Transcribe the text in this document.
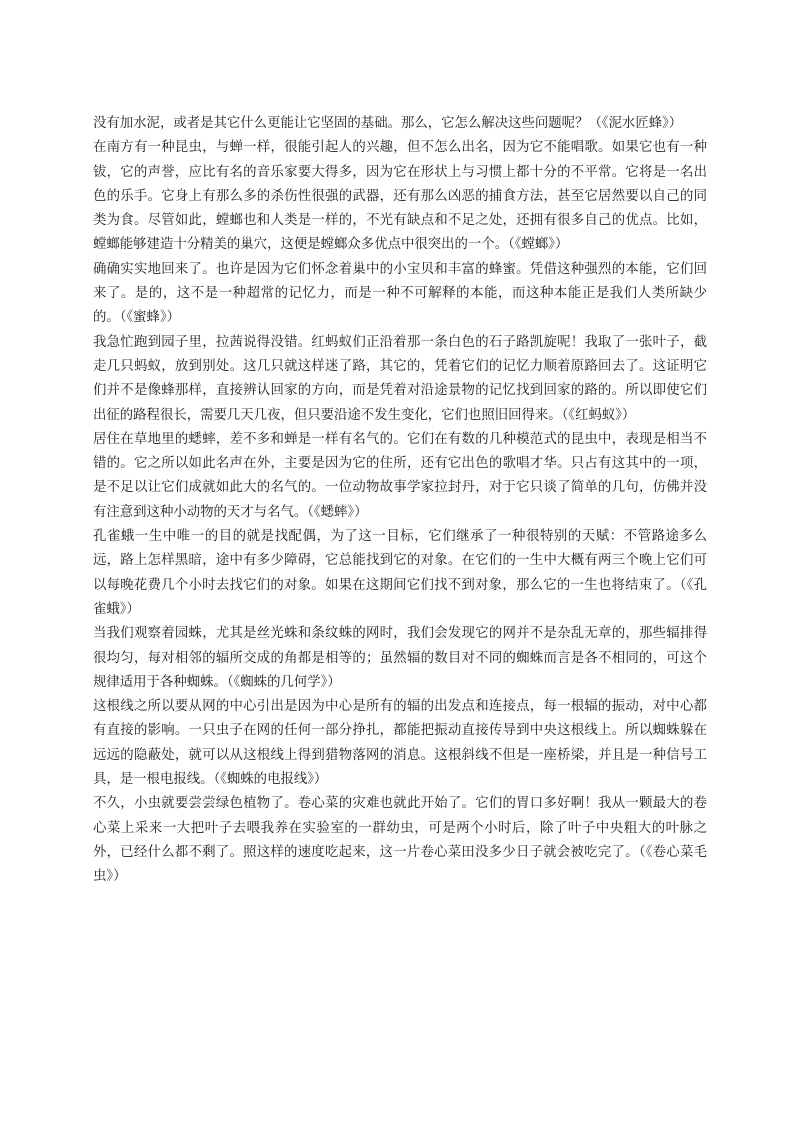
没有加水泥，或者是其它什么更能让它坚固的基础。那么，它怎么解决这些问题呢？（《泥水匠蜂》）

在南方有一种昆虫，与蝉一样，很能引起人的兴趣，但不怎么出名，因为它不能唱歌。如果它也有一种钹，它的声誉，应比有名的音乐家要大得多，因为它在形状上与习惯上都十分的不平常。它将是一名出色的乐手。它身上有那么多的杀伤性很强的武器，还有那么凶恶的捕食方法，甚至它居然要以自己的同类为食。尽管如此，螳螂也和人类是一样的，不光有缺点和不足之处，还拥有很多自己的优点。比如，螳螂能够建造十分精美的巢穴，这便是螳螂众多优点中很突出的一个。（《螳螂》）

确确实实地回来了。也许是因为它们怀念着巢中的小宝贝和丰富的蜂蜜。凭借这种强烈的本能，它们回来了。是的，这不是一种超常的记忆力，而是一种不可解释的本能，而这种本能正是我们人类所缺少的。（《蜜蜂》）

我急忙跑到园子里，拉茜说得没错。红蚂蚁们正沿着那一条白色的石子路凯旋呢！我取了一张叶子，截走几只蚂蚁，放到别处。这几只就这样迷了路，其它的，凭着它们的记忆力顺着原路回去了。这证明它们并不是像蜂那样，直接辨认回家的方向，而是凭着对沿途景物的记忆找到回家的路的。所以即使它们出征的路程很长，需要几天几夜，但只要沿途不发生变化，它们也照旧回得来。（《红蚂蚁》）

居住在草地里的蟋蟀，差不多和蝉是一样有名气的。它们在有数的几种模范式的昆虫中，表现是相当不错的。它之所以如此名声在外，主要是因为它的住所，还有它出色的歌唱才华。只占有这其中的一项，是不足以让它们成就如此大的名气的。一位动物故事学家拉封丹，对于它只谈了简单的几句，仿佛并没有注意到这种小动物的天才与名气。（《蟋蟀》）

孔雀蛾一生中唯一的目的就是找配偶，为了这一目标，它们继承了一种很特别的天赋：不管路途多么远，路上怎样黑暗，途中有多少障碍，它总能找到它的对象。在它们的一生中大概有两三个晚上它们可以每晚花费几个小时去找它们的对象。如果在这期间它们找不到对象，那么它的一生也将结束了。（《孔雀蛾》）

当我们观察着园蛛，尤其是丝光蛛和条纹蛛的网时，我们会发现它的网并不是杂乱无章的，那些辐排得很均匀，每对相邻的辐所交成的角都是相等的；虽然辐的数目对不同的蜘蛛而言是各不相同的，可这个规律适用于各种蜘蛛。（《蜘蛛的几何学》）

这根线之所以要从网的中心引出是因为中心是所有的辐的出发点和连接点，每一根辐的振动，对中心都有直接的影响。一只虫子在网的任何一部分挣扎，都能把振动直接传导到中央这根线上。所以蜘蛛躲在远远的隐蔽处，就可以从这根线上得到猎物落网的消息。这根斜线不但是一座桥梁，并且是一种信号工具，是一根电报线。（《蜘蛛的电报线》）

不久，小虫就要尝尝绿色植物了。卷心菜的灾难也就此开始了。它们的胃口多好啊！我从一颗最大的卷心菜上采来一大把叶子去喂我养在实验室的一群幼虫，可是两个小时后，除了叶子中央粗大的叶脉之外，已经什么都不剩了。照这样的速度吃起来，这一片卷心菜田没多少日子就会被吃完了。（《卷心菜毛虫》）
